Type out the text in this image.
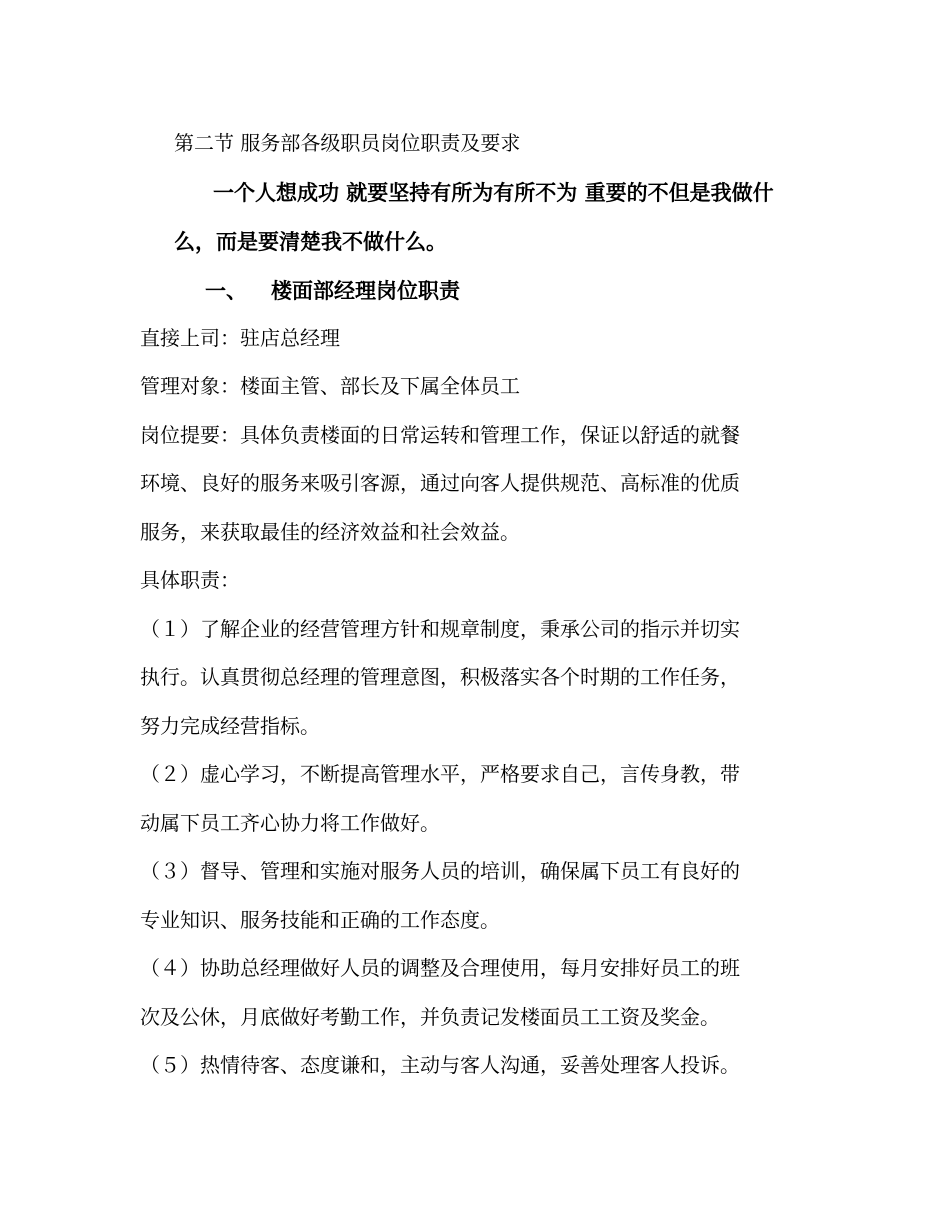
第二节 服务部各级职员岗位职责及要求
一个人想成功 就要坚持有所为有所不为 重要的不但是我做什
么，而是要清楚我不做什么。
一、 楼面部经理岗位职责
直接上司：驻店总经理
管理对象：楼面主管、部长及下属全体员工
岗位提要：具体负责楼面的日常运转和管理工作，保证以舒适的就餐
环境、良好的服务来吸引客源，通过向客人提供规范、高标准的优质
服务，来获取最佳的经济效益和社会效益。
具体职责：
（１）了解企业的经营管理方针和规章制度，秉承公司的指示并切实
执行。认真贯彻总经理的管理意图，积极落实各个时期的工作任务，
努力完成经营指标。
（２）虚心学习，不断提高管理水平，严格要求自己，言传身教，带
动属下员工齐心协力将工作做好。
（３）督导、管理和实施对服务人员的培训，确保属下员工有良好的
专业知识、服务技能和正确的工作态度。
（４）协助总经理做好人员的调整及合理使用，每月安排好员工的班
次及公休，月底做好考勤工作，并负责记发楼面员工工资及奖金。
（５）热情待客、态度谦和，主动与客人沟通，妥善处理客人投诉。
